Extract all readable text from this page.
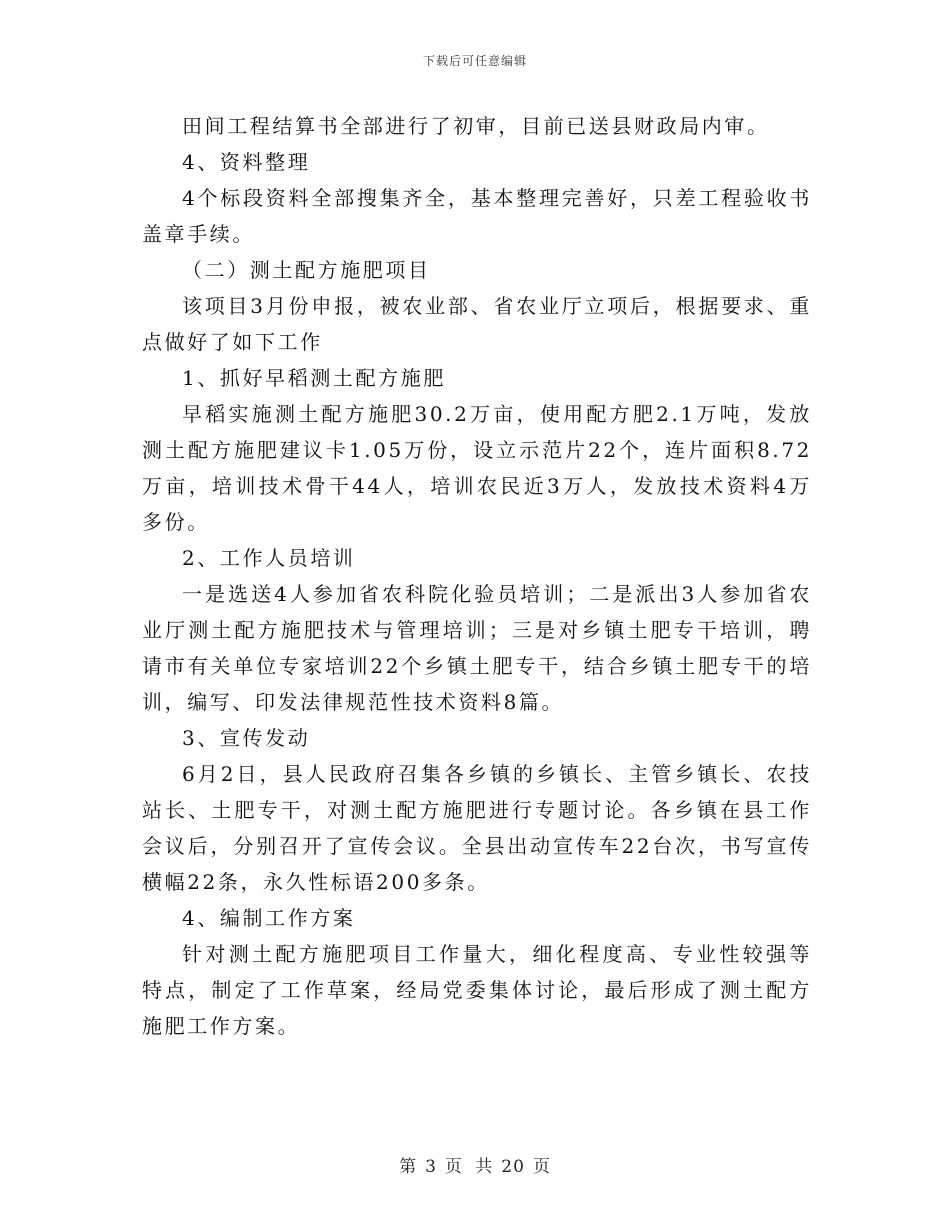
下载后可任意编辑

田间工程结算书全部进行了初审，目前已送县财政局内审。

4、资料整理

4个标段资料全部搜集齐全，基本整理完善好，只差工程验收书盖章手续。

（二）测土配方施肥项目

该项目3月份申报，被农业部、省农业厅立项后，根据要求、重点做好了如下工作

1、抓好早稻测土配方施肥

早稻实施测土配方施肥30.2万亩，使用配方肥2.1万吨，发放测土配方施肥建议卡1.05万份，设立示范片22个，连片面积8.72万亩，培训技术骨干44人，培训农民近3万人，发放技术资料4万多份。

2、工作人员培训

一是选送4人参加省农科院化验员培训；二是派出3人参加省农业厅测土配方施肥技术与管理培训；三是对乡镇土肥专干培训，聘请市有关单位专家培训22个乡镇土肥专干，结合乡镇土肥专干的培训，编写、印发法律规范性技术资料8篇。

3、宣传发动

6月2日，县人民政府召集各乡镇的乡镇长、主管乡镇长、农技站长、土肥专干，对测土配方施肥进行专题讨论。各乡镇在县工作会议后，分别召开了宣传会议。全县出动宣传车22台次，书写宣传横幅22条，永久性标语200多条。

4、编制工作方案

针对测土配方施肥项目工作量大，细化程度高、专业性较强等特点，制定了工作草案，经局党委集体讨论，最后形成了测土配方施肥工作方案。

第 3 页 共 20 页
